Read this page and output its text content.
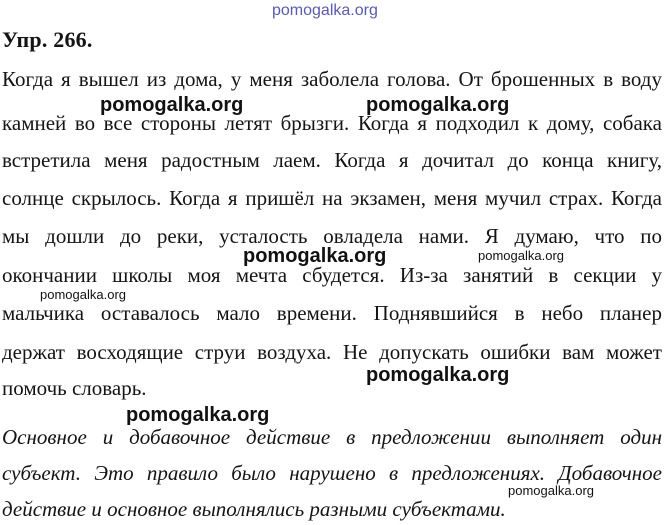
pomogalka.org
Упр. 266.
Когда я вышел из дома, у меня заболела голова. От брошенных в воду
камней во все стороны летят брызги. Когда я подходил к дому, собака
встретила меня радостным лаем. Когда я дочитал до конца книгу,
солнце скрылось. Когда я пришёл на экзамен, меня мучил страх. Когда
мы дошли до реки, усталость овладела нами. Я думаю, что по
окончании школы моя мечта сбудется. Из-за занятий в секции у
мальчика оставалось мало времени. Поднявшийся в небо планер
держат восходящие струи воздуха. Не допускать ошибки вам может
помочь словарь.
Основное и добавочное действие в предложении выполняет один
субъект. Это правило было нарушено в предложениях. Добавочное
действие и основное выполнялись разными субъектами.
pomogalka.org	pomogalka.org
pomogalka.org	pomogalka.org
pomogalka.org
pomogalka.org
pomogalka.org
pomogalka.org
